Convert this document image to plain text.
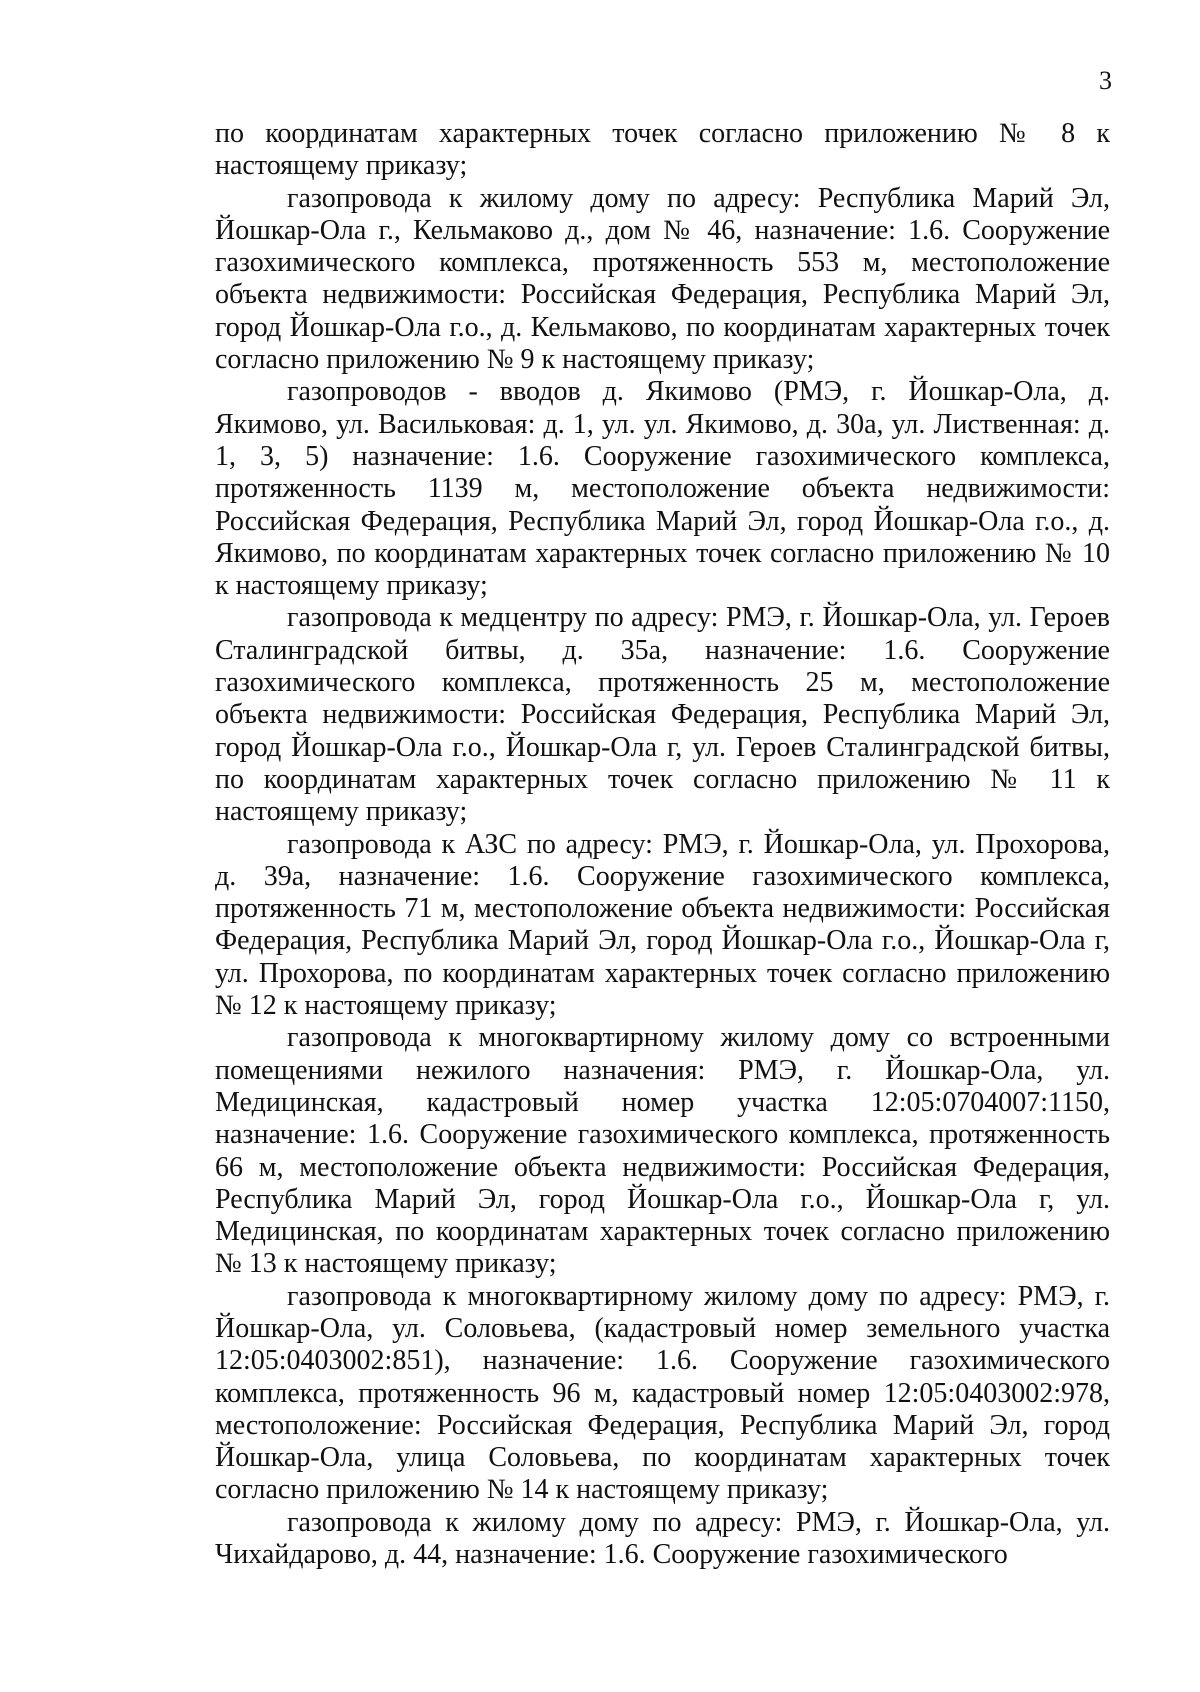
3

по координатам характерных точек согласно приложению № 8 к настоящему приказу;

газопровода к жилому дому по адресу: Республика Марий Эл, Йошкар-Ола г., Кельмаково д., дом № 46, назначение: 1.6. Сооружение газохимического комплекса, протяженность 553 м, местоположение объекта недвижимости: Российская Федерация, Республика Марий Эл, город Йошкар-Ола г.о., д. Кельмаково, по координатам характерных точек согласно приложению № 9 к настоящему приказу;

газопроводов - вводов д. Якимово (РМЭ, г. Йошкар-Ола, д. Якимово, ул. Васильковая: д. 1, ул. ул. Якимово, д. 30а, ул. Лиственная: д. 1, 3, 5) назначение: 1.6. Сооружение газохимического комплекса, протяженность 1139 м, местоположение объекта недвижимости: Российская Федерация, Республика Марий Эл, город Йошкар-Ола г.о., д. Якимово, по координатам характерных точек согласно приложению № 10 к настоящему приказу;

газопровода к медцентру по адресу: РМЭ, г. Йошкар-Ола, ул. Героев Сталинградской битвы, д. 35а, назначение: 1.6. Сооружение газохимического комплекса, протяженность 25 м, местоположение объекта недвижимости: Российская Федерация, Республика Марий Эл, город Йошкар-Ола г.о., Йошкар-Ола г, ул. Героев Сталинградской битвы, по координатам характерных точек согласно приложению № 11 к настоящему приказу;

газопровода к АЗС по адресу: РМЭ, г. Йошкар-Ола, ул. Прохорова, д. 39а, назначение: 1.6. Сооружение газохимического комплекса, протяженность 71 м, местоположение объекта недвижимости: Российская Федерация, Республика Марий Эл, город Йошкар-Ола г.о., Йошкар-Ола г, ул. Прохорова, по координатам характерных точек согласно приложению № 12 к настоящему приказу;

газопровода к многоквартирному жилому дому со встроенными помещениями нежилого назначения: РМЭ, г. Йошкар-Ола, ул. Медицинская, кадастровый номер участка 12:05:0704007:1150, назначение: 1.6. Сооружение газохимического комплекса, протяженность 66 м, местоположение объекта недвижимости: Российская Федерация, Республика Марий Эл, город Йошкар-Ола г.о., Йошкар-Ола г, ул. Медицинская, по координатам характерных точек согласно приложению № 13 к настоящему приказу;

газопровода к многоквартирному жилому дому по адресу: РМЭ, г. Йошкар-Ола, ул. Соловьева, (кадастровый номер земельного участка 12:05:0403002:851), назначение: 1.6. Сооружение газохимического комплекса, протяженность 96 м, кадастровый номер 12:05:0403002:978, местоположение: Российская Федерация, Республика Марий Эл, город Йошкар-Ола, улица Соловьева, по координатам характерных точек согласно приложению № 14 к настоящему приказу;

газопровода к жилому дому по адресу: РМЭ, г. Йошкар-Ола, ул. Чихайдарово, д. 44, назначение: 1.6. Сооружение газохимического
